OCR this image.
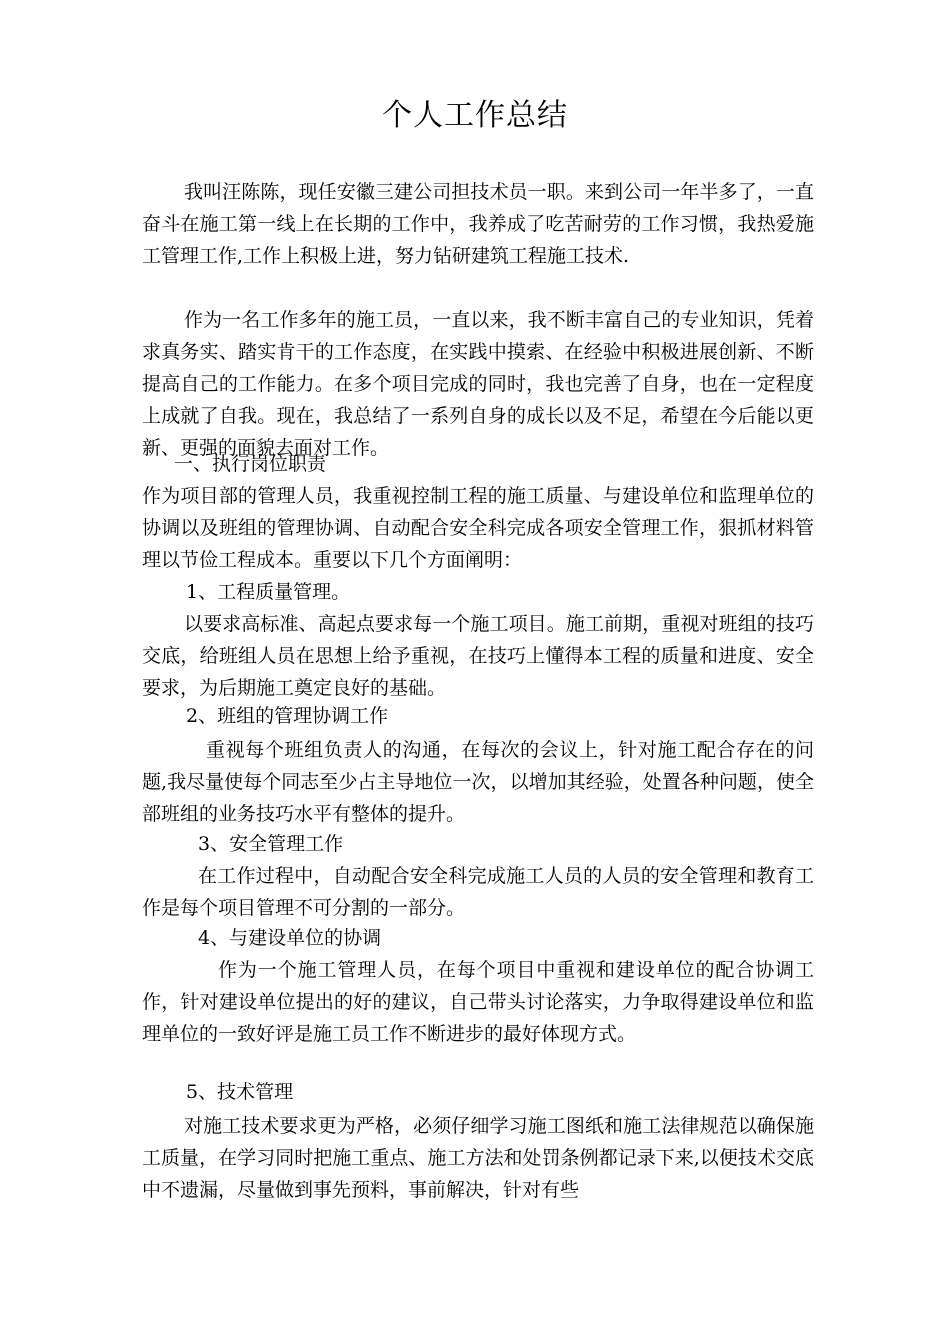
个人工作总结

我叫汪陈陈，现任安徽三建公司担技术员一职。来到公司一年半多了，一直奋斗在施工第一线上在长期的工作中，我养成了吃苦耐劳的工作习惯，我热爱施工管理工作,工作上积极上进，努力钻研建筑工程施工技术.

作为一名工作多年的施工员，一直以来，我不断丰富自己的专业知识，凭着求真务实、踏实肯干的工作态度，在实践中摸索、在经验中积极进展创新、不断提高自己的工作能力。在多个项目完成的同时，我也完善了自身，也在一定程度上成就了自我。现在，我总结了一系列自身的成长以及不足，希望在今后能以更新、更强的面貌去面对工作。

一、执行岗位职责

作为项目部的管理人员，我重视控制工程的施工质量、与建设单位和监理单位的协调以及班组的管理协调、自动配合安全科完成各项安全管理工作，狠抓材料管理以节俭工程成本。重要以下几个方面阐明：

1、工程质量管理。

以要求高标准、高起点要求每一个施工项目。施工前期，重视对班组的技巧交底，给班组人员在思想上给予重视，在技巧上懂得本工程的质量和进度、安全要求，为后期施工奠定良好的基础。

2、班组的管理协调工作

重视每个班组负责人的沟通，在每次的会议上，针对施工配合存在的问题,我尽量使每个同志至少占主导地位一次，以增加其经验，处置各种问题，使全部班组的业务技巧水平有整体的提升。

3、安全管理工作

在工作过程中，自动配合安全科完成施工人员的人员的安全管理和教育工作是每个项目管理不可分割的一部分。

4、与建设单位的协调

作为一个施工管理人员，在每个项目中重视和建设单位的配合协调工作，针对建设单位提出的好的建议，自己带头讨论落实，力争取得建设单位和监理单位的一致好评是施工员工作不断进步的最好体现方式。

5、技术管理

对施工技术要求更为严格，必须仔细学习施工图纸和施工法律规范以确保施工质量，在学习同时把施工重点、施工方法和处罚条例都记录下来,以便技术交底中不遗漏，尽量做到事先预料，事前解决，针对有些
